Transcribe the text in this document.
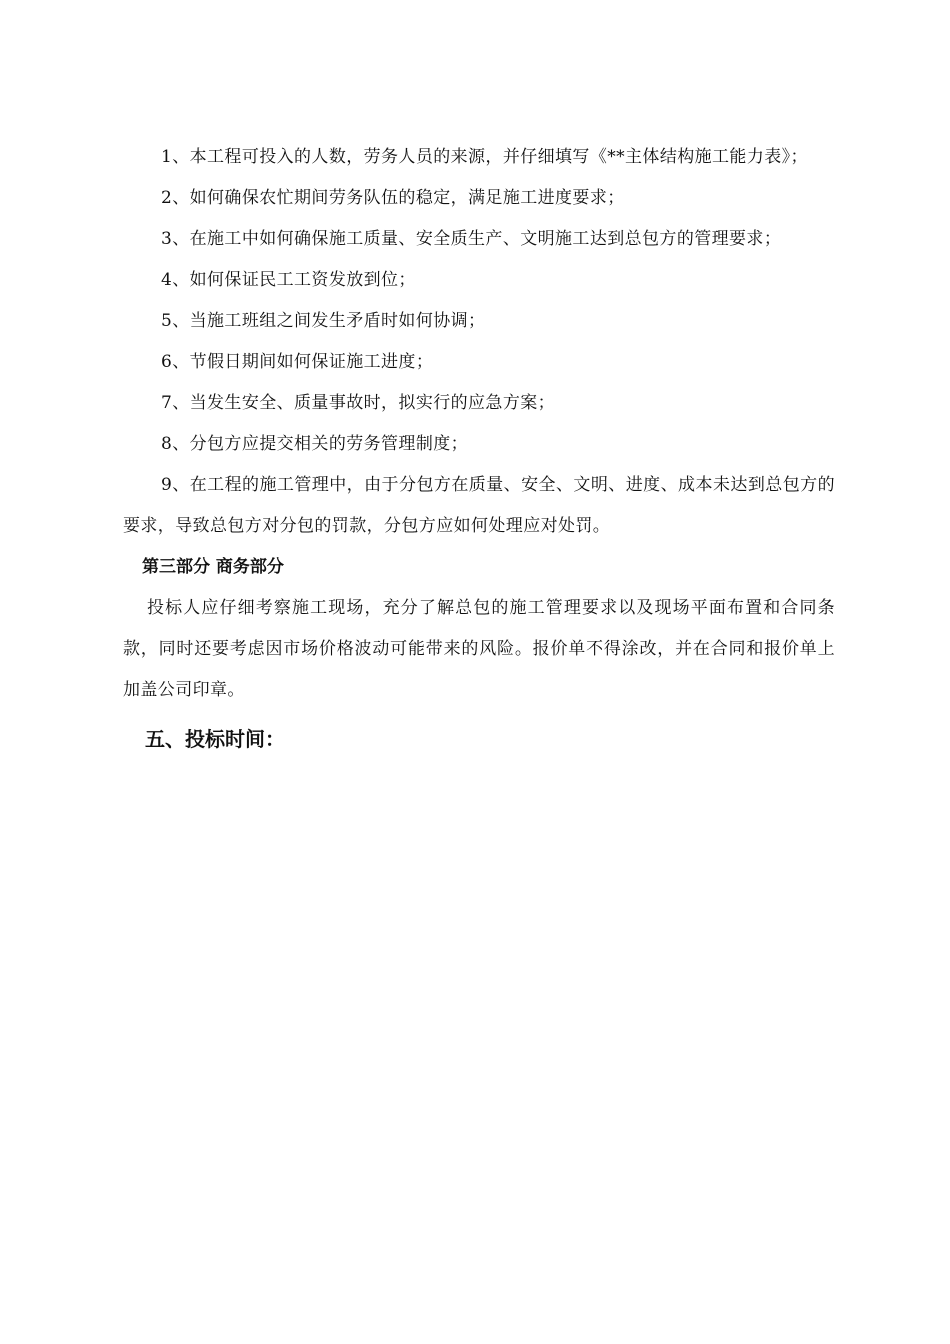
1、本工程可投入的人数，劳务人员的来源，并仔细填写《**主体结构施工能力表》；

2、如何确保农忙期间劳务队伍的稳定，满足施工进度要求；

3、在施工中如何确保施工质量、安全质生产、文明施工达到总包方的管理要求；

4、如何保证民工工资发放到位；

5、当施工班组之间发生矛盾时如何协调；

6、节假日期间如何保证施工进度；

7、当发生安全、质量事故时，拟实行的应急方案；

8、分包方应提交相关的劳务管理制度；

9、在工程的施工管理中，由于分包方在质量、安全、文明、进度、成本未达到总包方的要求，导致总包方对分包的罚款，分包方应如何处理应对处罚。

第三部分 商务部分

投标人应仔细考察施工现场，充分了解总包的施工管理要求以及现场平面布置和合同条款，同时还要考虑因市场价格波动可能带来的风险。报价单不得涂改，并在合同和报价单上加盖公司印章。

五、投标时间：
